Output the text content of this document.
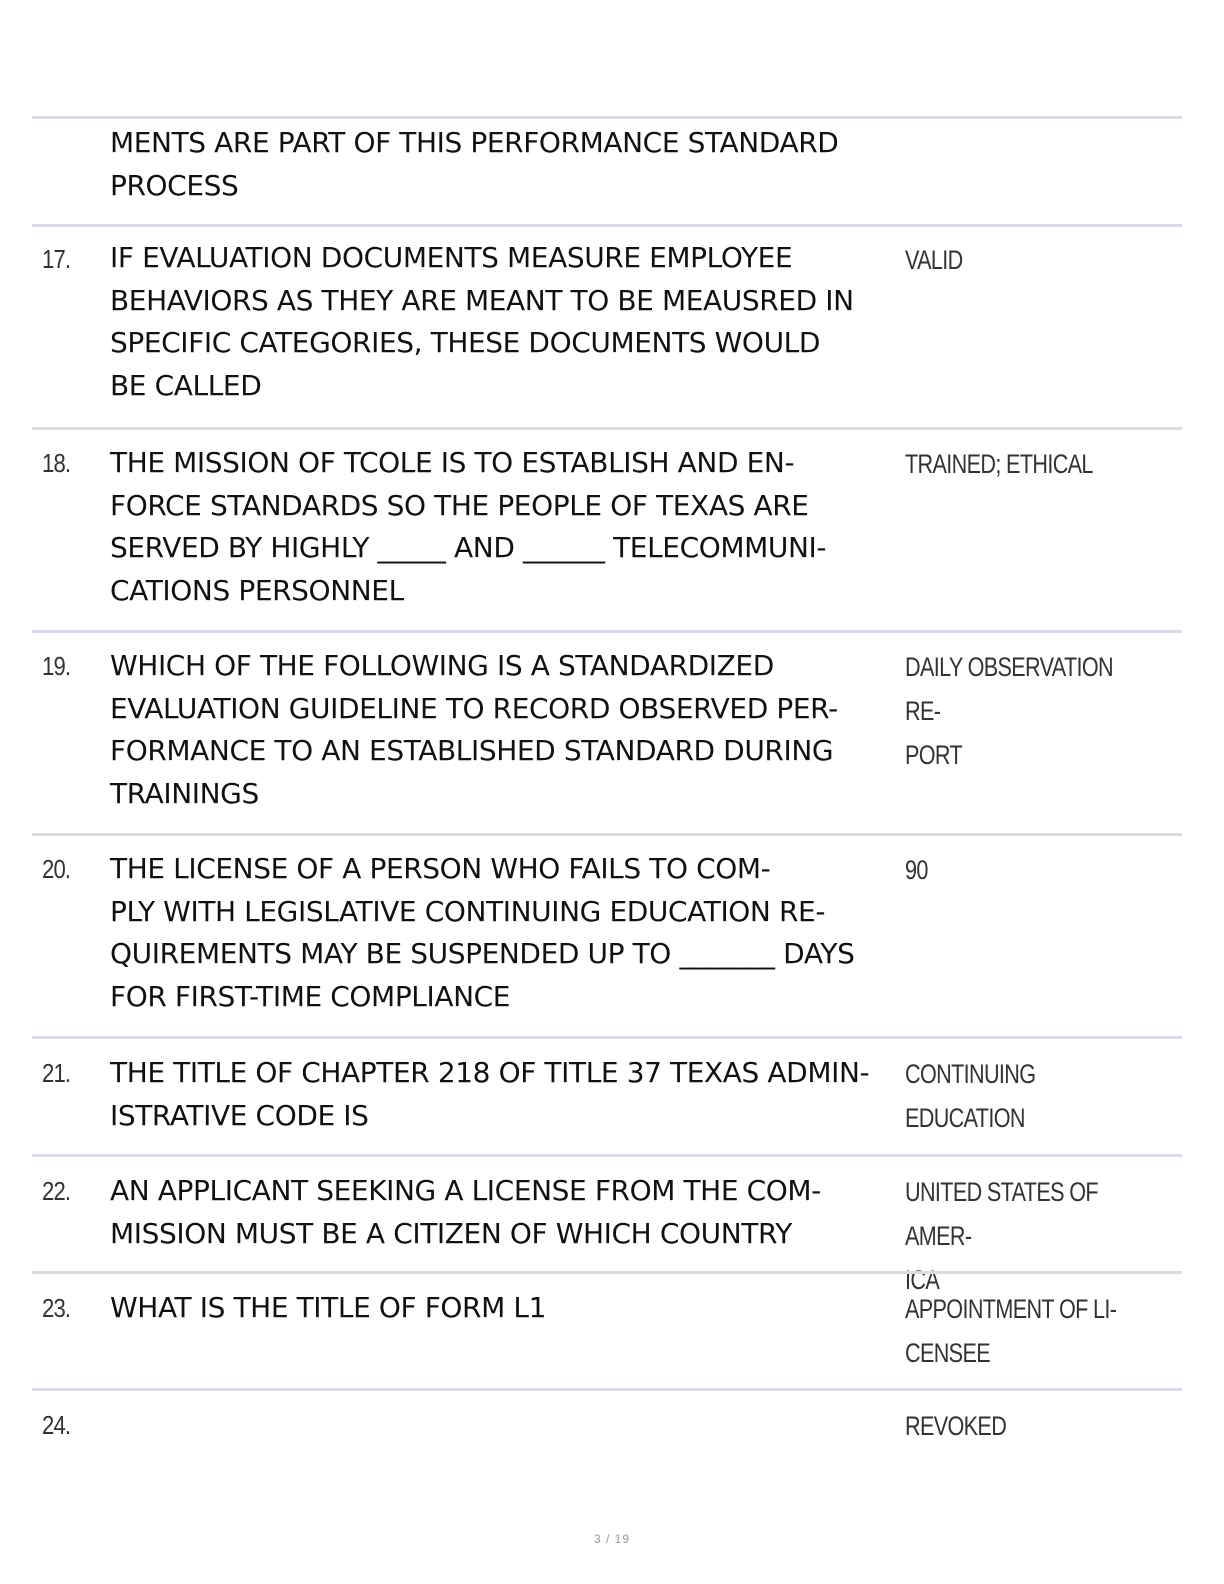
MENTS ARE PART OF THIS PERFORMANCE STANDARD
PROCESS
17. IF EVALUATION DOCUMENTS MEASURE EMPLOYEE
BEHAVIORS AS THEY ARE MEANT TO BE MEAUSRED IN
SPECIFIC CATEGORIES, THESE DOCUMENTS WOULD
BE CALLED
VALID
18. THE MISSION OF TCOLE IS TO ESTABLISH AND EN-
FORCE STANDARDS SO THE PEOPLE OF TEXAS ARE
SERVED BY HIGHLY _____ AND ______ TELECOMMUNI-
CATIONS PERSONNEL
TRAINED; ETHICAL
19. WHICH OF THE FOLLOWING IS A STANDARDIZED
EVALUATION GUIDELINE TO RECORD OBSERVED PER-
FORMANCE TO AN ESTABLISHED STANDARD DURING
TRAININGS
DAILY OBSERVATION RE-
PORT
20. THE LICENSE OF A PERSON WHO FAILS TO COM-
PLY WITH LEGISLATIVE CONTINUING EDUCATION RE-
QUIREMENTS MAY BE SUSPENDED UP TO _______ DAYS
FOR FIRST-TIME COMPLIANCE
90
21. THE TITLE OF CHAPTER 218 OF TITLE 37 TEXAS ADMIN-
ISTRATIVE CODE IS
CONTINUING EDUCATION
22. AN APPLICANT SEEKING A LICENSE FROM THE COM-
MISSION MUST BE A CITIZEN OF WHICH COUNTRY
UNITED STATES OF AMER-
ICA
23. WHAT IS THE TITLE OF FORM L1	APPOINTMENT OF LI-
CENSEE
24.	REVOKED
3 / 19
